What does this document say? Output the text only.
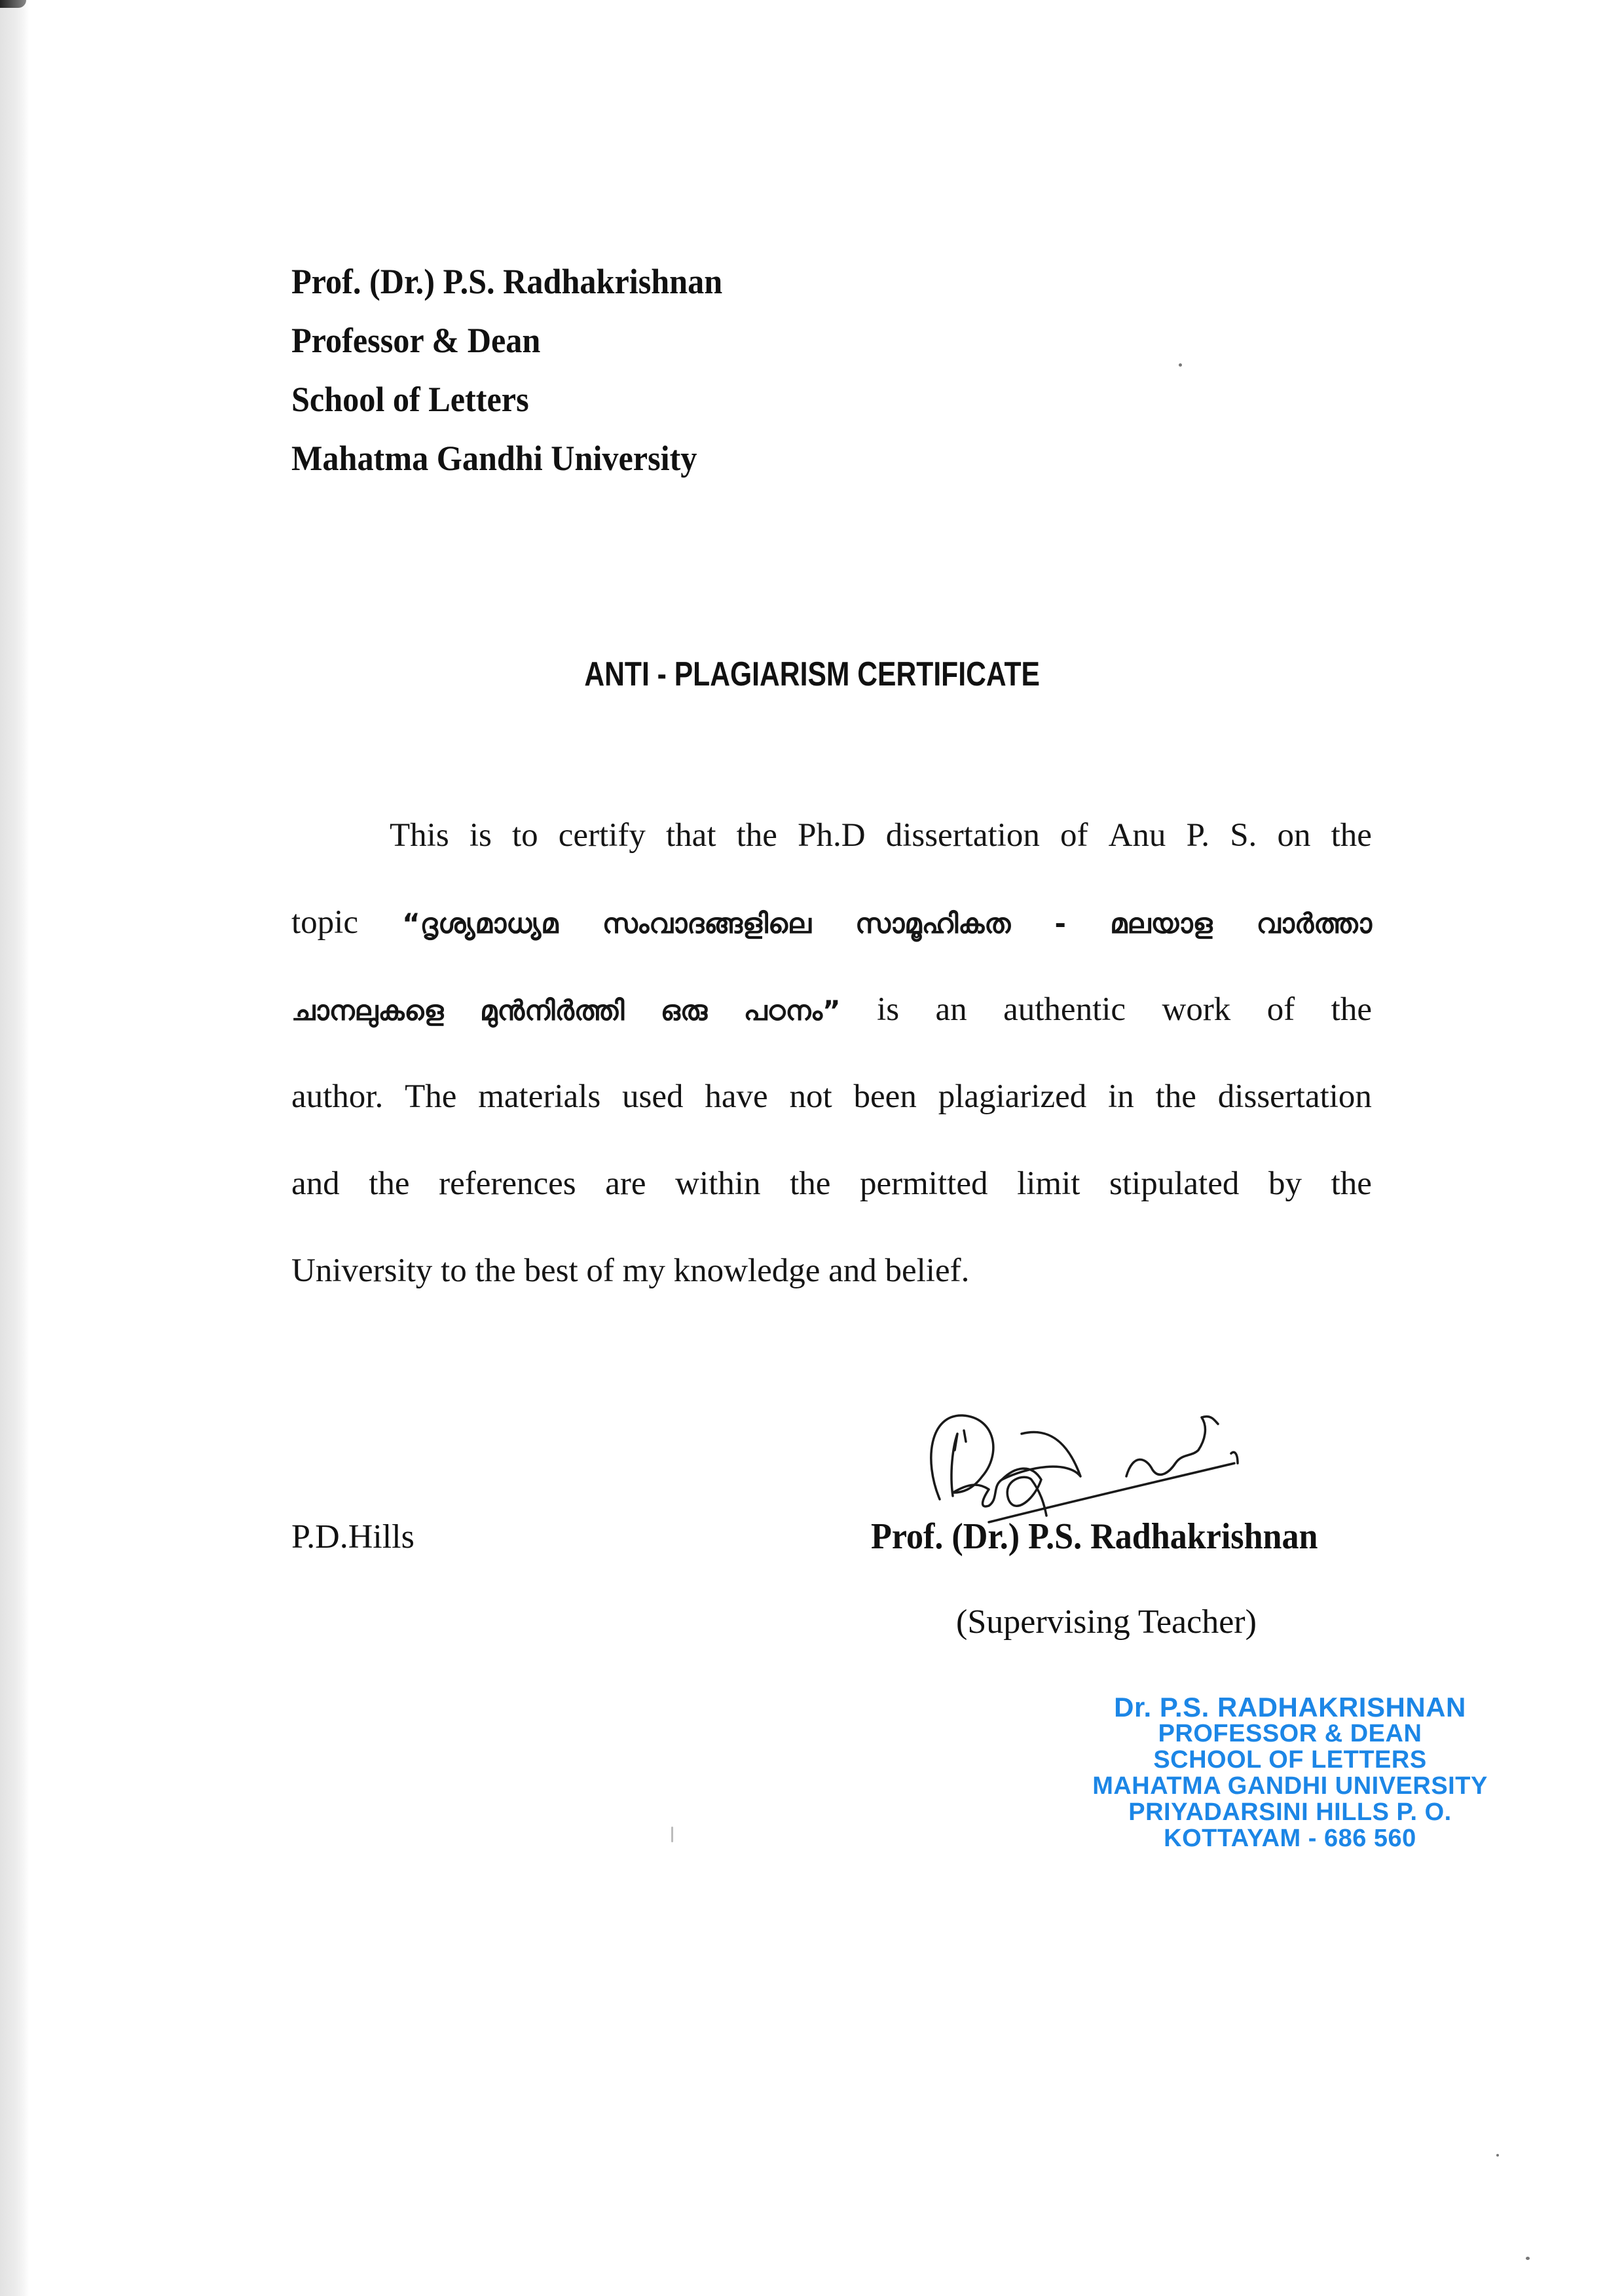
Prof. (Dr.) P.S. Radhakrishnan
Professor & Dean
School of Letters
Mahatma Gandhi University
ANTI - PLAGIARISM CERTIFICATE
This is to certify that the Ph.D dissertation of Anu P. S. on the
topic “ദൃശ്യമാധ്യമ സംവാദങ്ങളിലെ സാമൂഹികത - മലയാള വാർത്താ
ചാനലുകളെ മുൻനിർത്തി ഒരു പഠനം” is an authentic work of the
author. The materials used have not been plagiarized in the dissertation
and the references are within the permitted limit stipulated by the
University to the best of my knowledge and belief.
P.D.Hills	Prof. (Dr.) P.S. Radhakrishnan
(Supervising Teacher)
Dr. P.S. RADHAKRISHNAN
PROFESSOR & DEAN
SCHOOL OF LETTERS
MAHATMA GANDHI UNIVERSITY
PRIYADARSINI HILLS P. O.
KOTTAYAM - 686 560
